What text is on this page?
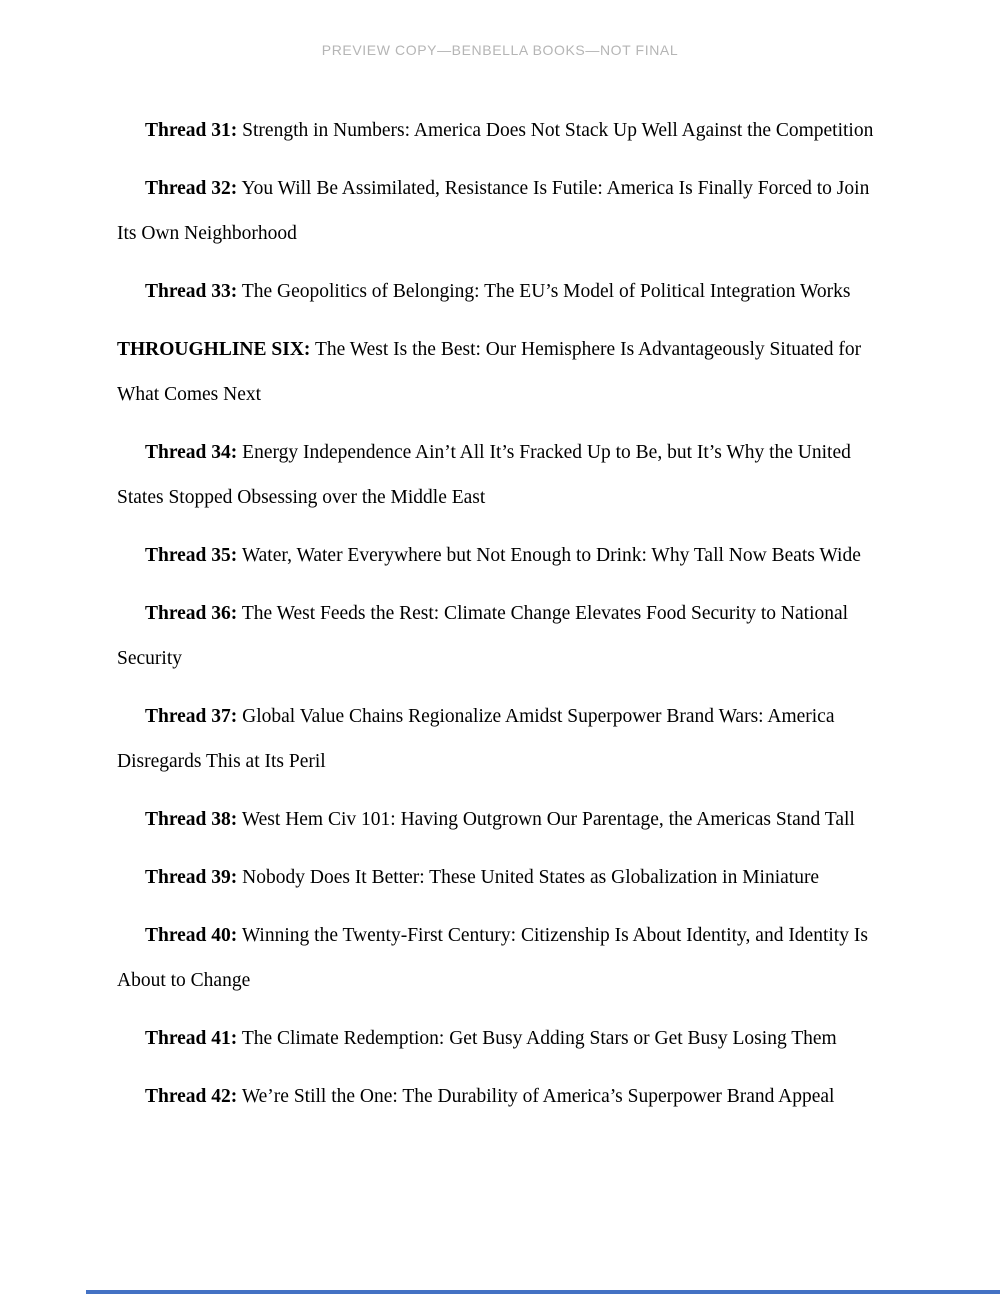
PREVIEW COPY—BENBELLA BOOKS—NOT FINAL

Thread 31: Strength in Numbers: America Does Not Stack Up Well Against the Competition

Thread 32: You Will Be Assimilated, Resistance Is Futile: America Is Finally Forced to Join Its Own Neighborhood

Thread 33: The Geopolitics of Belonging: The EU’s Model of Political Integration Works

THROUGHLINE SIX: The West Is the Best: Our Hemisphere Is Advantageously Situated for What Comes Next

Thread 34: Energy Independence Ain’t All It’s Fracked Up to Be, but It’s Why the United States Stopped Obsessing over the Middle East

Thread 35: Water, Water Everywhere but Not Enough to Drink: Why Tall Now Beats Wide

Thread 36: The West Feeds the Rest: Climate Change Elevates Food Security to National Security

Thread 37: Global Value Chains Regionalize Amidst Superpower Brand Wars: America Disregards This at Its Peril

Thread 38: West Hem Civ 101: Having Outgrown Our Parentage, the Americas Stand Tall

Thread 39: Nobody Does It Better: These United States as Globalization in Miniature

Thread 40: Winning the Twenty-First Century: Citizenship Is About Identity, and Identity Is About to Change

Thread 41: The Climate Redemption: Get Busy Adding Stars or Get Busy Losing Them

Thread 42: We’re Still the One: The Durability of America’s Superpower Brand Appeal
